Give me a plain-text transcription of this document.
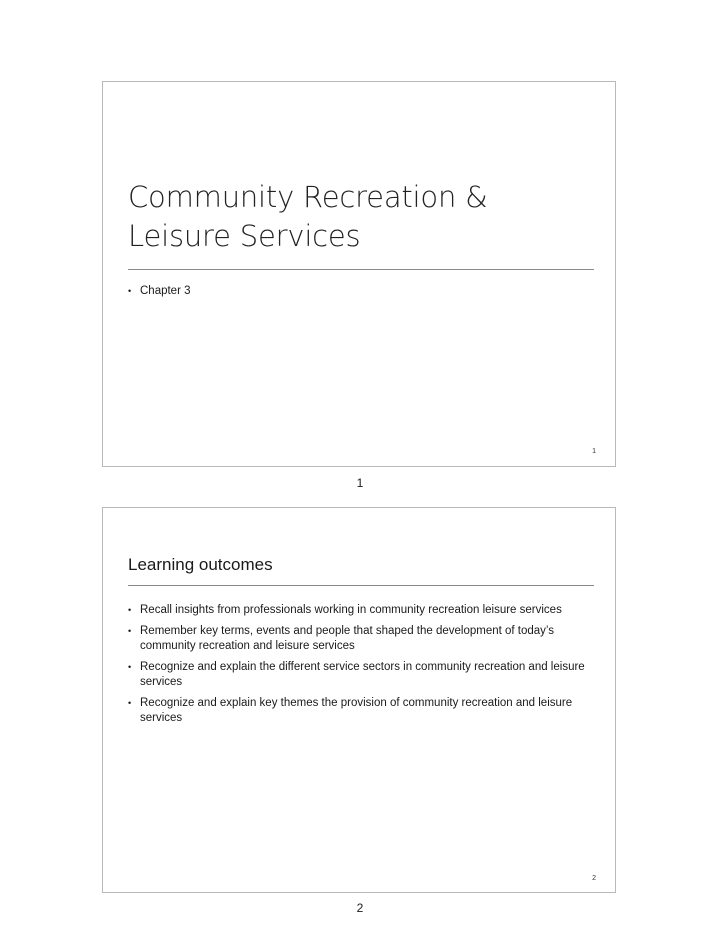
Community Recreation & Leisure Services
• Chapter 3
1
1
Learning outcomes
• Recall insights from professionals working in community recreation leisure services
• Remember key terms, events and people that shaped the development of today’s community recreation and leisure services
• Recognize and explain the different service sectors in community recreation and leisure services
• Recognize and explain key themes the provision of community recreation and leisure services
2
2
